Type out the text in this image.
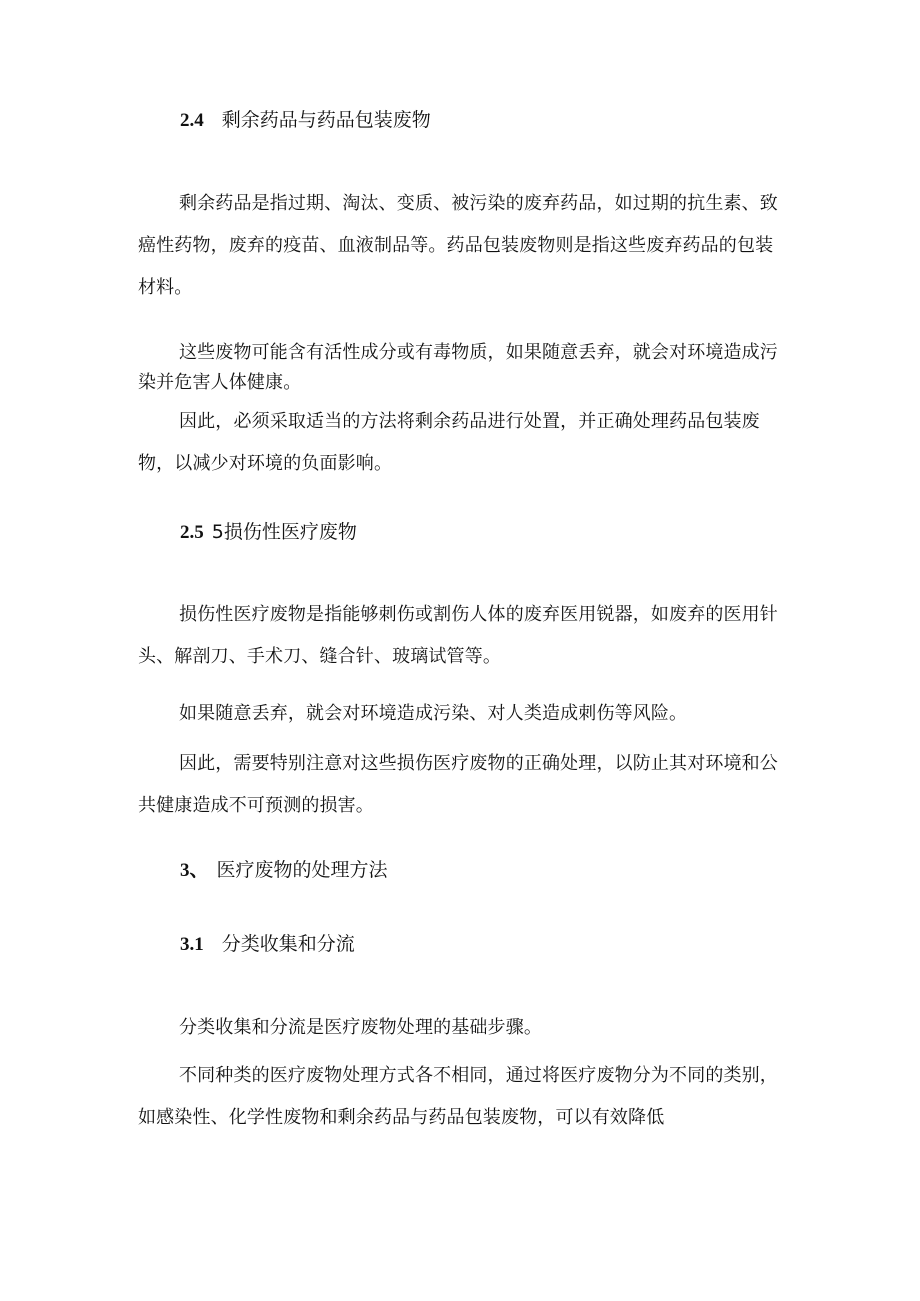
2.4 剩余药品与药品包装废物

剩余药品是指过期、淘汰、变质、被污染的废弃药品，如过期的抗生素、致癌性药物，废弃的疫苗、血液制品等。药品包装废物则是指这些废弃药品的包装材料。

这些废物可能含有活性成分或有毒物质，如果随意丢弃，就会对环境造成污染并危害人体健康。

因此，必须采取适当的方法将剩余药品进行处置，并正确处理药品包装废物，以减少对环境的负面影响。

2.5 5损伤性医疗废物

损伤性医疗废物是指能够刺伤或割伤人体的废弃医用锐器，如废弃的医用针头、解剖刀、手术刀、缝合针、玻璃试管等。

如果随意丢弃，就会对环境造成污染、对人类造成刺伤等风险。

因此，需要特别注意对这些损伤医疗废物的正确处理，以防止其对环境和公共健康造成不可预测的损害。

3、 医疗废物的处理方法
3.1 分类收集和分流

分类收集和分流是医疗废物处理的基础步骤。

不同种类的医疗废物处理方式各不相同，通过将医疗废物分为不同的类别，如感染性、化学性废物和剩余药品与药品包装废物，可以有效降低
